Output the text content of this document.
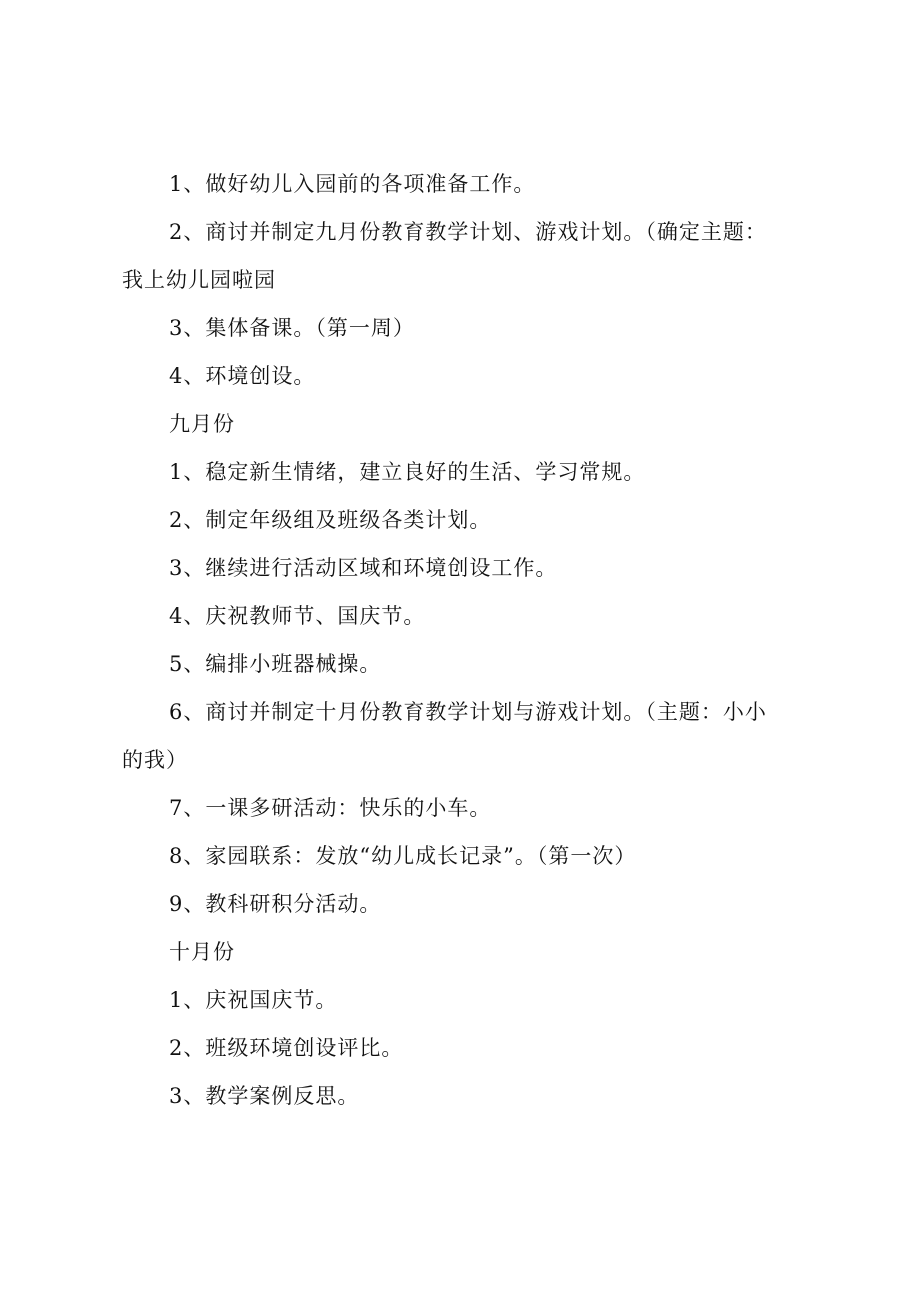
1、做好幼儿入园前的各项准备工作。
2、商讨并制定九月份教育教学计划、游戏计划。（确定主题：
我上幼儿园啦园
3、集体备课。（第一周）
4、环境创设。
九月份
1、稳定新生情绪，建立良好的生活、学习常规。
2、制定年级组及班级各类计划。
3、继续进行活动区域和环境创设工作。
4、庆祝教师节、国庆节。
5、编排小班器械操。
6、商讨并制定十月份教育教学计划与游戏计划。（主题：小小
的我）
7、一课多研活动：快乐的小车。
8、家园联系：发放“幼儿成长记录”。（第一次）
9、教科研积分活动。
十月份
1、庆祝国庆节。
2、班级环境创设评比。
3、教学案例反思。
